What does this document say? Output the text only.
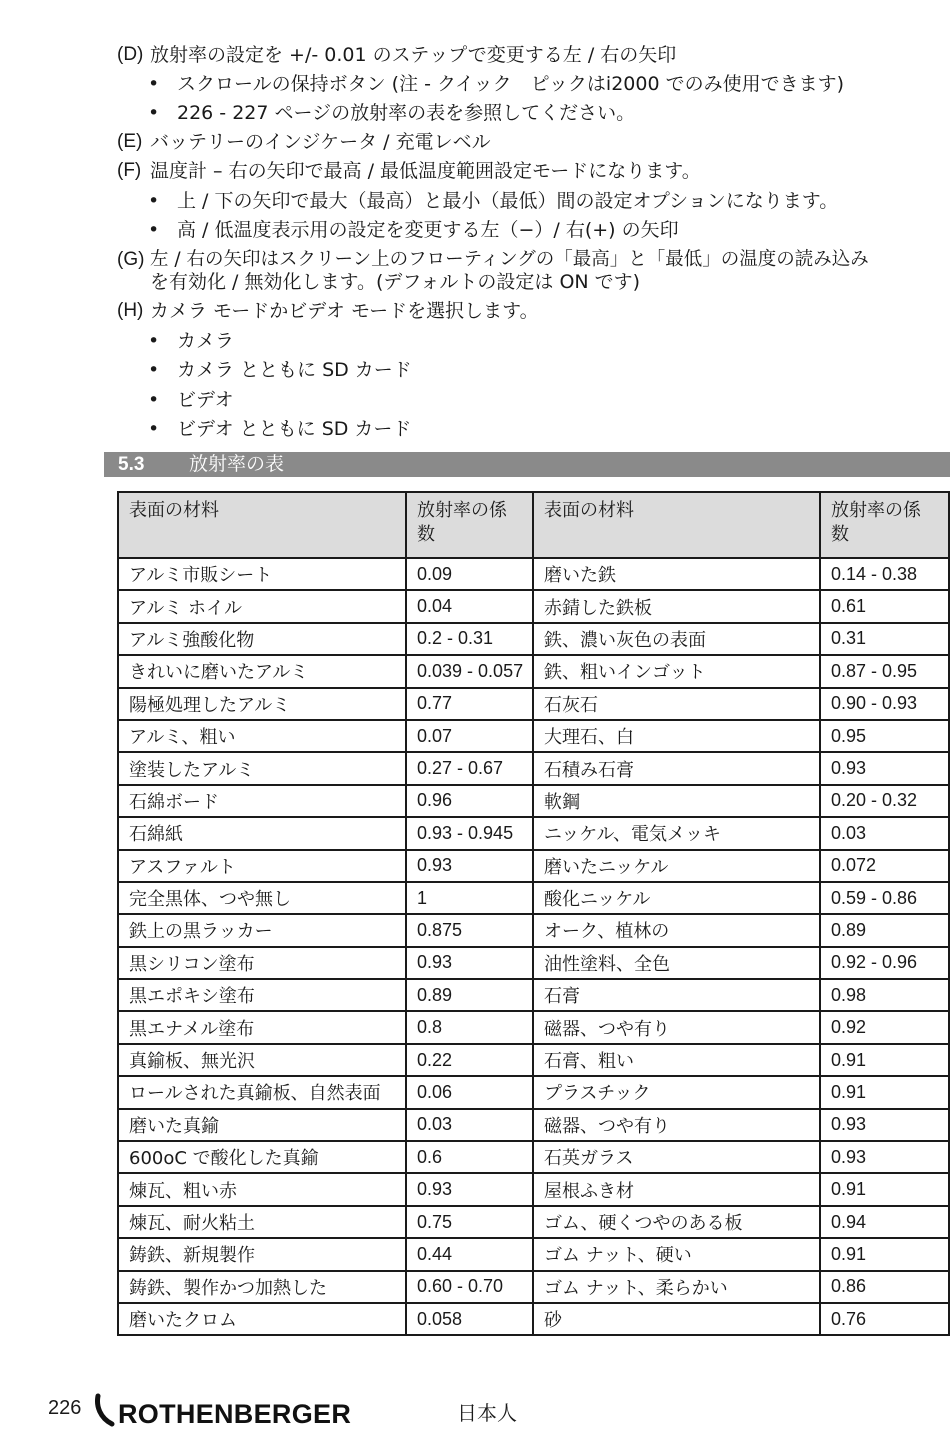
(D) 放射率の設定を +/- 0.01 のステップで変更する左 / 右の矢印
• スクロールの保持ボタン (注 - クイック　ピックはi2000 でのみ使用できます)
• 226 - 227 ページの放射率の表を参照してください。
(E) バッテリーのインジケータ / 充電レベル
(F) 温度計 – 右の矢印で最高 / 最低温度範囲設定モードになります。
• 上 / 下の矢印で最大（最高）と最小（最低）間の設定オプションになります。
• 高 / 低温度表示用の設定を変更する左（−）/ 右(+) の矢印
(G) 左 / 右の矢印はスクリーン上のフローティングの「最高」と「最低」の温度の読み込み
を有効化 / 無効化します。(デフォルトの設定は ON です)
(H) カメラ モードかビデオ モードを選択します。
• カメラ
• カメラ とともに SD カード
• ビデオ
• ビデオ とともに SD カード
5.3 放射率の表
表面の材料	放射率の係数	表面の材料	放射率の係数
アルミ市販シート	0.09	磨いた鉄	0.14 - 0.38
アルミ ホイル	0.04	赤錆した鉄板	0.61
アルミ強酸化物	0.2 - 0.31	鉄、濃い灰色の表面	0.31
きれいに磨いたアルミ	0.039 - 0.057	鉄、粗いインゴット	0.87 - 0.95
陽極処理したアルミ	0.77	石灰石	0.90 - 0.93
アルミ、粗い	0.07	大理石、白	0.95
塗装したアルミ	0.27 - 0.67	石積み石膏	0.93
石綿ボード	0.96	軟鋼	0.20 - 0.32
石綿紙	0.93 - 0.945	ニッケル、電気メッキ	0.03
アスファルト	0.93	磨いたニッケル	0.072
完全黒体、つや無し	1	酸化ニッケル	0.59 - 0.86
鉄上の黒ラッカー	0.875	オーク、植林の	0.89
黒シリコン塗布	0.93	油性塗料、全色	0.92 - 0.96
黒エポキシ塗布	0.89	石膏	0.98
黒エナメル塗布	0.8	磁器、つや有り	0.92
真鍮板、無光沢	0.22	石膏、粗い	0.91
ロールされた真鍮板、自然表面	0.06	プラスチック	0.91
磨いた真鍮	0.03	磁器、つや有り	0.93
600oC で酸化した真鍮	0.6	石英ガラス	0.93
煉瓦、粗い赤	0.93	屋根ふき材	0.91
煉瓦、耐火粘土	0.75	ゴム、硬くつやのある板	0.94
鋳鉄、新規製作	0.44	ゴム ナット、硬い	0.91
鋳鉄、製作かつ加熱した	0.60 - 0.70	ゴム ナット、柔らかい	0.86
磨いたクロム	0.058	砂	0.76
226 ROTHENBERGER	日本人
